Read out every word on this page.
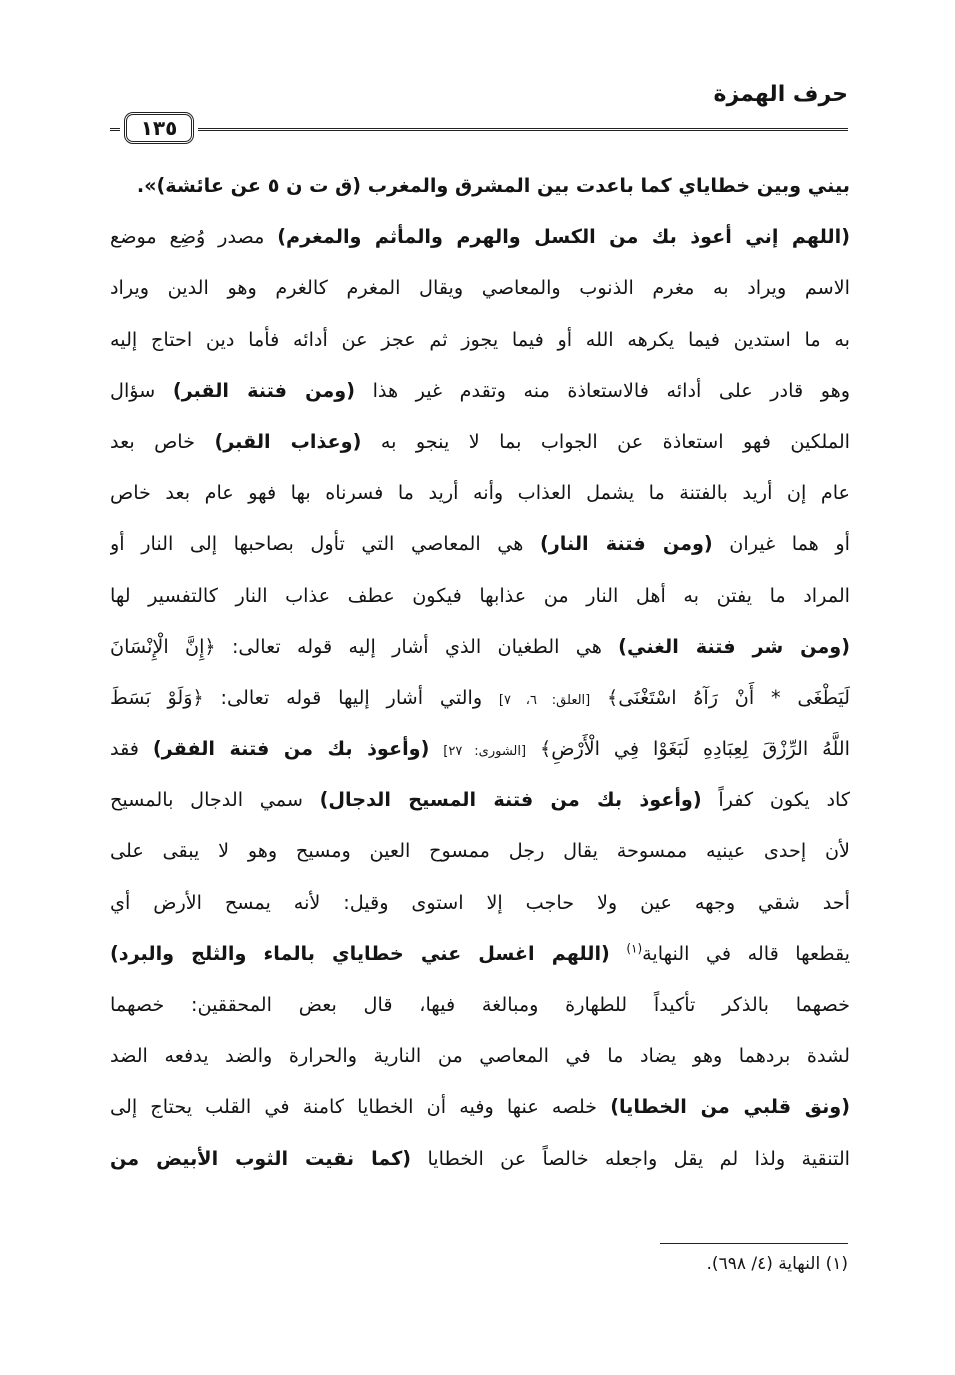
حرف الهمزة
١٣٥

بيني وبين خطاياي كما باعدت بين المشرق والمغرب (ق ت ن ٥ عن عائشة)».

(اللهم إني أعوذ بك من الكسل والهرم والمأثم والمغرم) مصدر وُضِع موضع

الاسم ويراد به مغرم الذنوب والمعاصي ويقال المغرم كالغرم وهو الدين ويراد

به ما استدين فيما يكرهه الله أو فيما يجوز ثم عجز عن أدائه فأما دين احتاج إليه

وهو قادر على أدائه فالاستعاذة منه وتقدم غير هذا (ومن فتنة القبر) سؤال

الملكين فهو استعاذة عن الجواب بما لا ينجو به (وعذاب القبر) خاص بعد

عام إن أريد بالفتنة ما يشمل العذاب وأنه أريد ما فسرناه بها فهو عام بعد خاص

أو هما غيران (ومن فتنة النار) هي المعاصي التي تأول بصاحبها إلى النار أو

المراد ما يفتن به أهل النار من عذابها فيكون عطف عذاب النار كالتفسير لها

(ومن شر فتنة الغني) هي الطغيان الذي أشار إليه قوله تعالى: ﴿إِنَّ الْإِنْسَانَ

لَيَطْغَى * أَنْ رَآهُ اسْتَغْنَى﴾ [العلق: ٦، ٧] والتي أشار إليها قوله تعالى: ﴿وَلَوْ بَسَطَ

اللَّهُ الرِّزْقَ لِعِبَادِهِ لَبَغَوْا فِي الْأَرْضِ﴾ [الشورى: ٢٧] (وأعوذ بك من فتنة الفقر) فقد

كاد يكون كفراً (وأعوذ بك من فتنة المسيح الدجال) سمي الدجال بالمسيح

لأن إحدى عينيه ممسوحة يقال رجل ممسوح العين ومسيح وهو لا يبقى على

أحد شقي وجهه عين ولا حاجب إلا استوى وقيل: لأنه يمسح الأرض أي

يقطعها قاله في النهاية$^{(١)}$ (اللهم اغسل عني خطاياي بالماء والثلج والبرد)

خصهما بالذكر تأكيداً للطهارة ومبالغة فيها، قال بعض المحققين: خصهما

لشدة بردهما وهو يضاد ما في المعاصي من النارية والحرارة والضد يدفعه الضد

(ونق قلبي من الخطايا) خلصه عنها وفيه أن الخطايا كامنة في القلب يحتاج إلى

التنقية ولذا لم يقل واجعله خالصاً عن الخطايا (كما نقيت الثوب الأبيض من

(١) النهاية (٤/ ٦٩٨).
